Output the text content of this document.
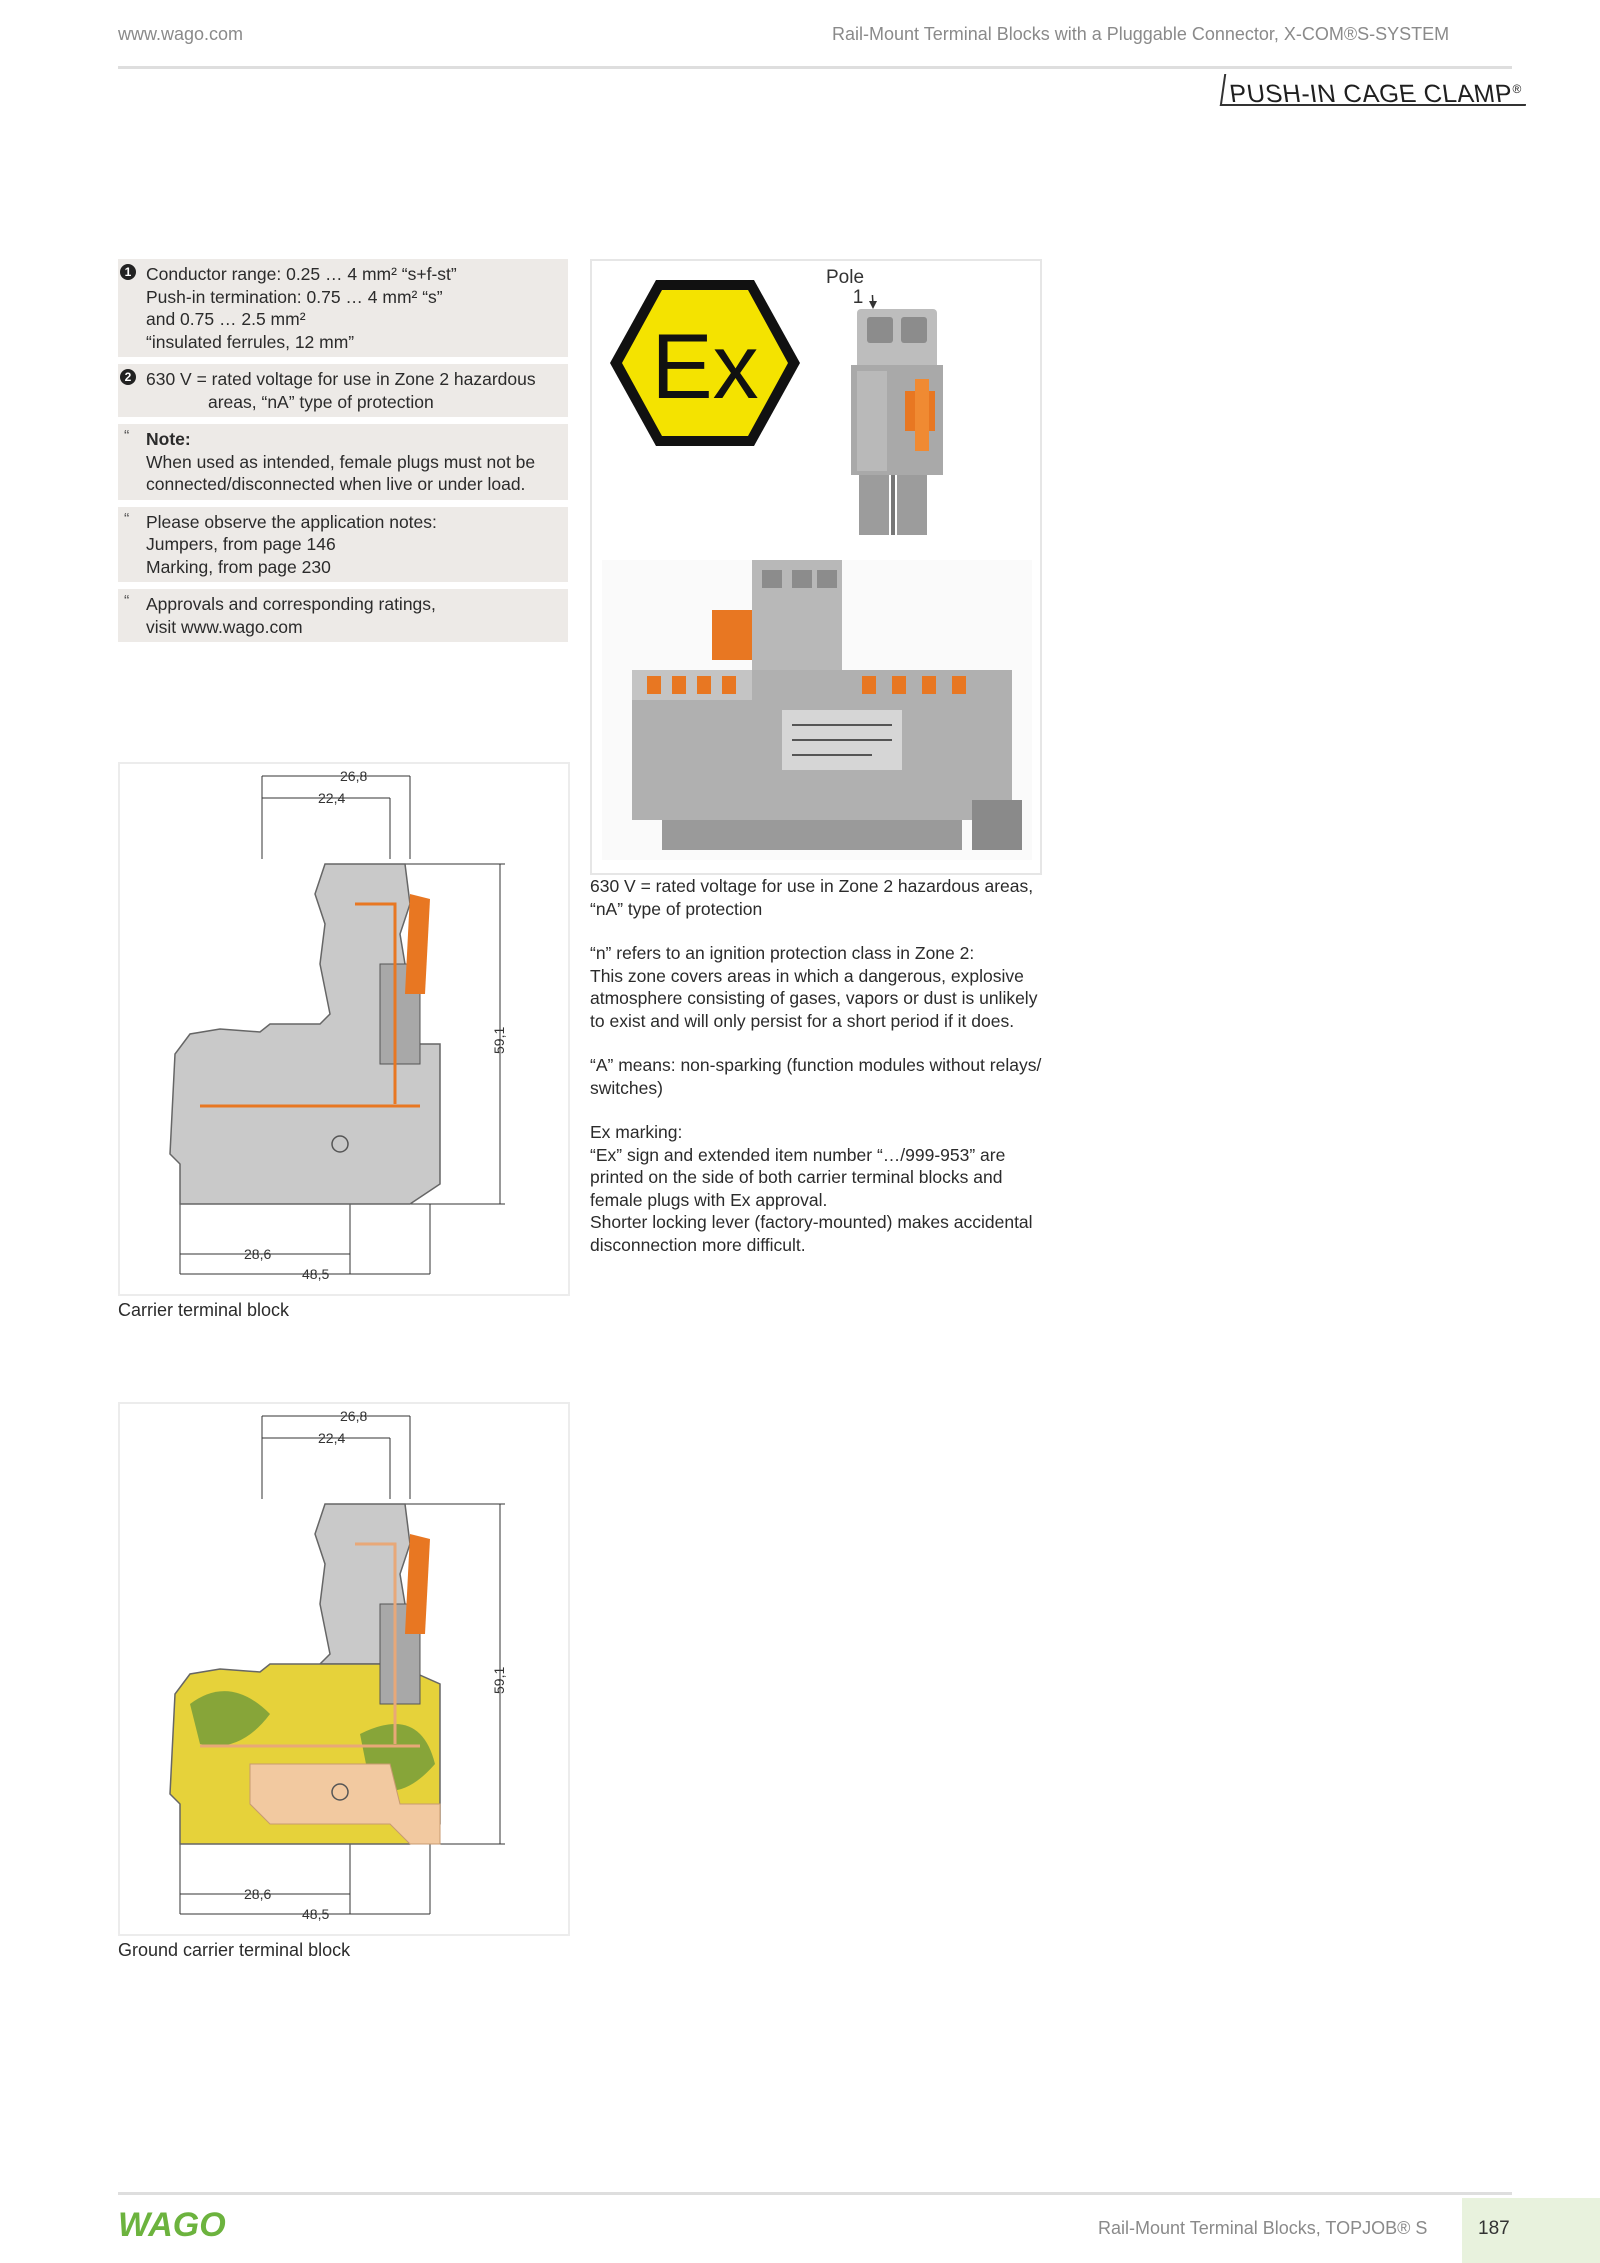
www.wago.com	Rail-Mount Terminal Blocks with a Pluggable Connector, X-COM®S-SYSTEM
PUSH-IN CAGE CLAMP®
1 Conductor range: 0.25 … 4 mm² “s+f-st”
Push-in termination: 0.75 … 4 mm² “s”
and 0.75 … 2.5 mm²
“insulated ferrules, 12 mm”

2 630 V = rated voltage for use in Zone 2 hazardous

areas, “nA” type of protection

“ Note:

When used as intended, female plugs must not be
connected/disconnected when live or under load.

“ Please observe the application notes:
Jumpers, from page 146
Marking, from page 230

“ Approvals and corresponding ratings,
visit www.wago.com

Ex
Pole
1

630 V = rated voltage for use in Zone 2 hazardous areas,
“nA” type of protection

“n” refers to an ignition protection class in Zone 2:
This zone covers areas in which a dangerous, explosive
atmosphere consisting of gases, vapors or dust is unlikely
to exist and will only persist for a short period if it does.

“A” means: non-sparking (function modules without relays/
switches)

Ex marking:
“Ex” sign and extended item number “…/999-953” are
printed on the side of both carrier terminal blocks and
female plugs with Ex approval.
Shorter locking lever (factory-mounted) makes accidental
disconnection more difficult.

26,8
22,4
59,1
28,6
48,5
Carrier terminal block
26,8
22,4
59,1
28,6
48,5
Ground carrier terminal block
WAGO	Rail-Mount Terminal Blocks, TOPJOB® S	187
